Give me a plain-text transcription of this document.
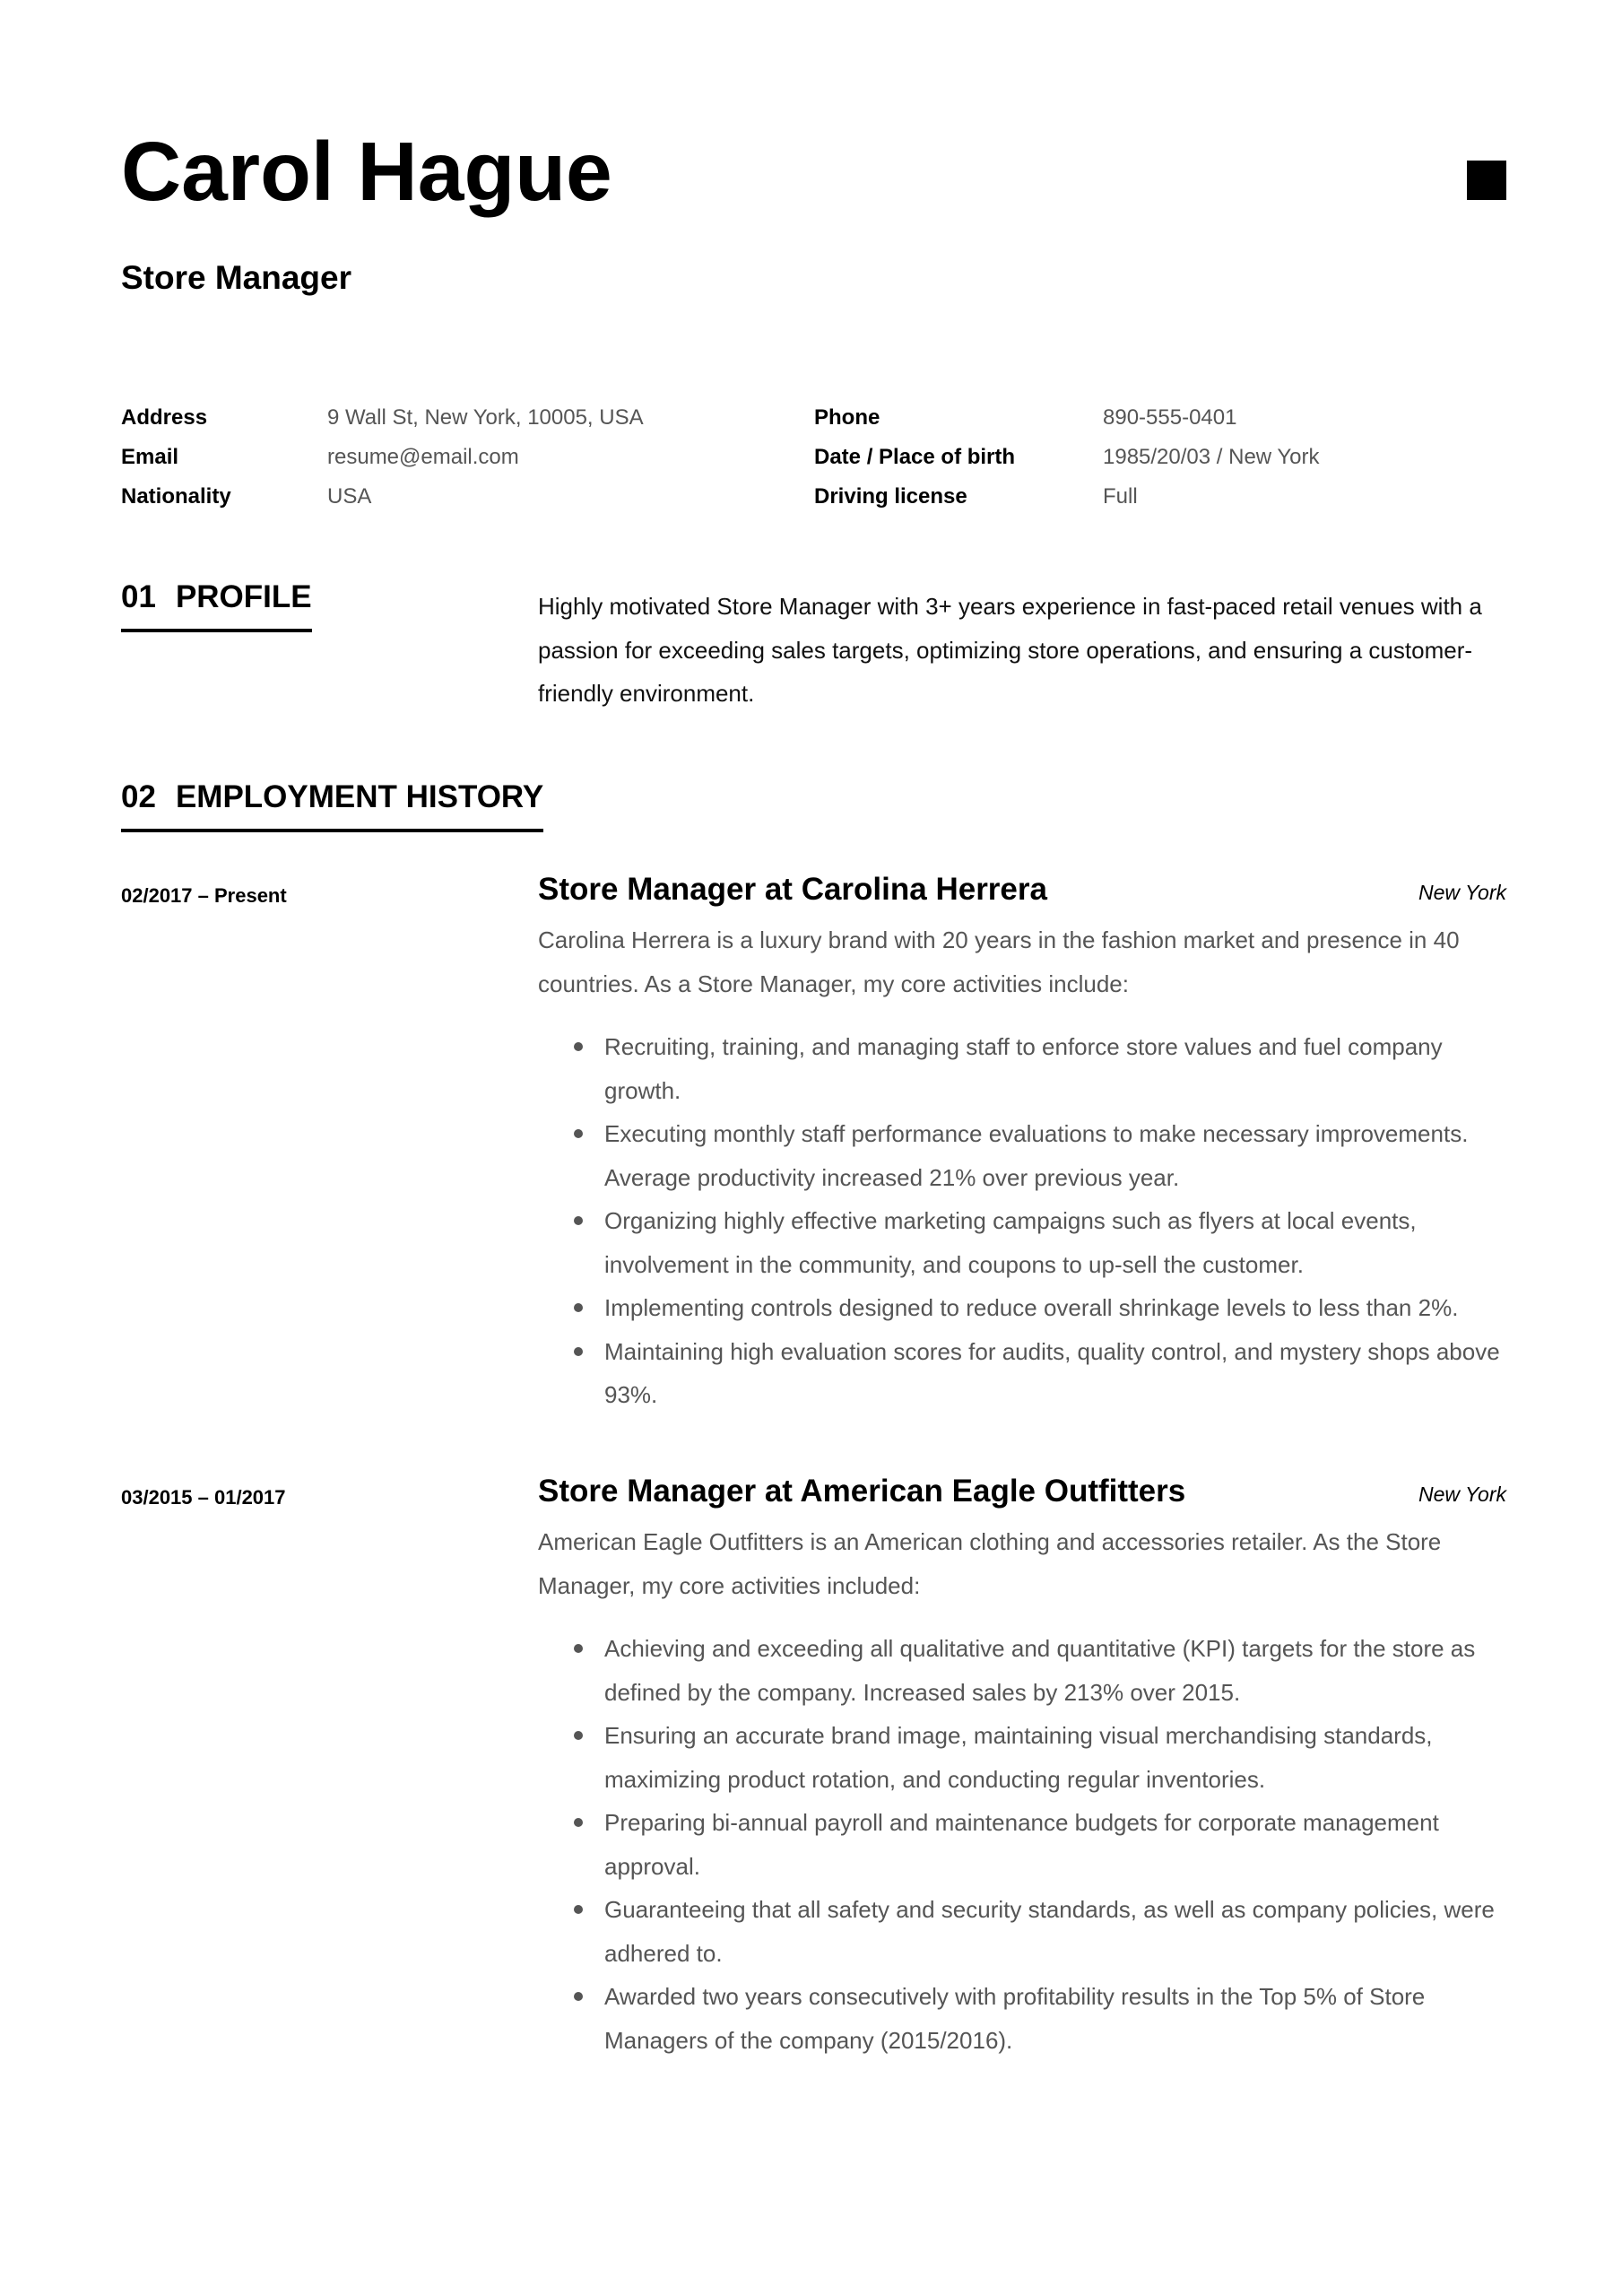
Carol Hague
Store Manager
Address	9 Wall St, New York, 10005, USA	Phone	890-555-0401
Email	resume@email.com	Date / Place of birth	1985/20/03 / New York
Nationality	USA	Driving license	Full
01 PROFILE	Highly motivated Store Manager with 3+ years experience in fast-paced retail venues with a passion for exceeding sales targets, optimizing store operations, and ensuring a customer-friendly environment.
02 EMPLOYMENT HISTORY
02/2017 – Present	Store Manager at Carolina Herrera	New York
Carolina Herrera is a luxury brand with 20 years in the fashion market and presence in 40 countries. As a Store Manager, my core activities include:
Recruiting, training, and managing staff to enforce store values and fuel company growth.
Executing monthly staff performance evaluations to make necessary improvements. Average productivity increased 21% over previous year.
Organizing highly effective marketing campaigns such as flyers at local events, involvement in the community, and coupons to up-sell the customer.
Implementing controls designed to reduce overall shrinkage levels to less than 2%.
Maintaining high evaluation scores for audits, quality control, and mystery shops above 93%.
03/2015 – 01/2017	Store Manager at American Eagle Outfitters	New York
American Eagle Outfitters is an American clothing and accessories retailer. As the Store Manager, my core activities included:
Achieving and exceeding all qualitative and quantitative (KPI) targets for the store as defined by the company. Increased sales by 213% over 2015.
Ensuring an accurate brand image, maintaining visual merchandising standards, maximizing product rotation, and conducting regular inventories.
Preparing bi-annual payroll and maintenance budgets for corporate management approval.
Guaranteeing that all safety and security standards, as well as company policies, were adhered to.
Awarded two years consecutively with profitability results in the Top 5% of Store Managers of the company (2015/2016).
